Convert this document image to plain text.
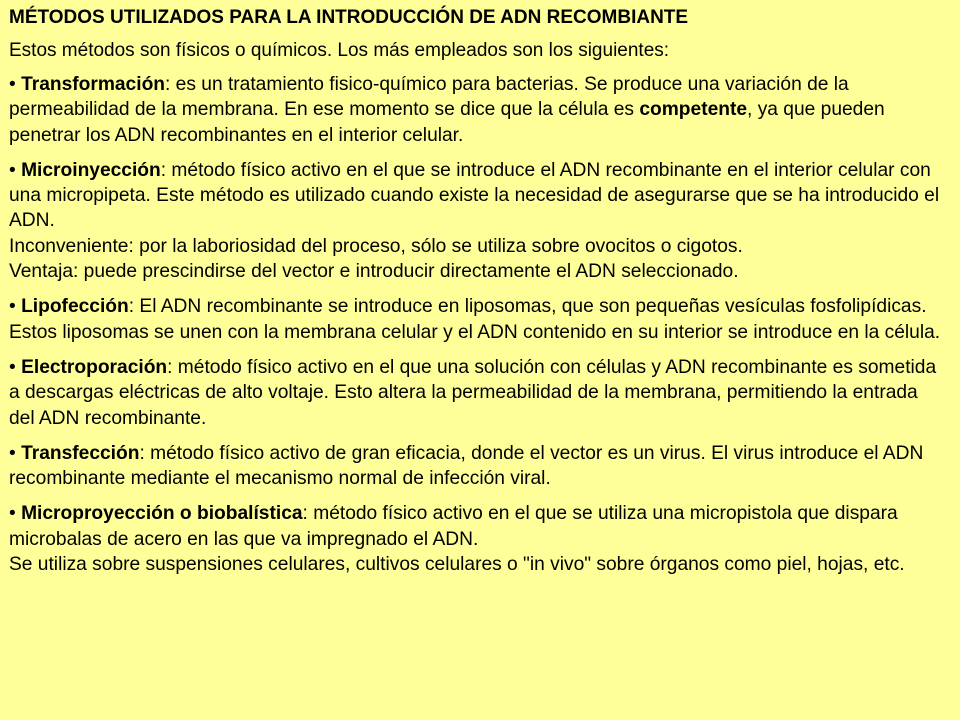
MÉTODOS UTILIZADOS PARA LA INTRODUCCIÓN DE ADN RECOMBIANTE
Estos métodos son físicos o químicos. Los más empleados son los siguientes:
• Transformación: es un tratamiento fisico-químico para bacterias. Se produce una variación de la permeabilidad de la membrana. En ese momento se dice que la célula es competente, ya que pueden penetrar los ADN recombinantes en el interior celular.
• Microinyección: método físico activo en el que se introduce el ADN recombinante en el interior celular con una micropipeta. Este método es utilizado cuando existe la necesidad de asegurarse que se ha introducido el ADN.
Inconveniente: por la laboriosidad del proceso, sólo se utiliza sobre ovocitos o cigotos.
Ventaja: puede prescindirse del vector e introducir directamente el ADN seleccionado.
• Lipofección: El ADN recombinante se introduce en liposomas, que son pequeñas vesículas fosfolipídicas. Estos liposomas se unen con la membrana celular y el ADN contenido en su interior se introduce en la célula.
• Electroporación: método físico activo en el que una solución con células y ADN recombinante es sometida a descargas eléctricas de alto voltaje. Esto altera la permeabilidad de la membrana, permitiendo la entrada del ADN recombinante.
• Transfección: método físico activo de gran eficacia, donde el vector es un virus. El virus introduce el ADN recombinante mediante el mecanismo normal de infección viral.
• Microproyección o biobalística: método físico activo en el que se utiliza una micropistola que dispara microbalas de acero en las que va impregnado el ADN.
Se utiliza sobre suspensiones celulares, cultivos celulares o "in vivo" sobre órganos como piel, hojas, etc.
